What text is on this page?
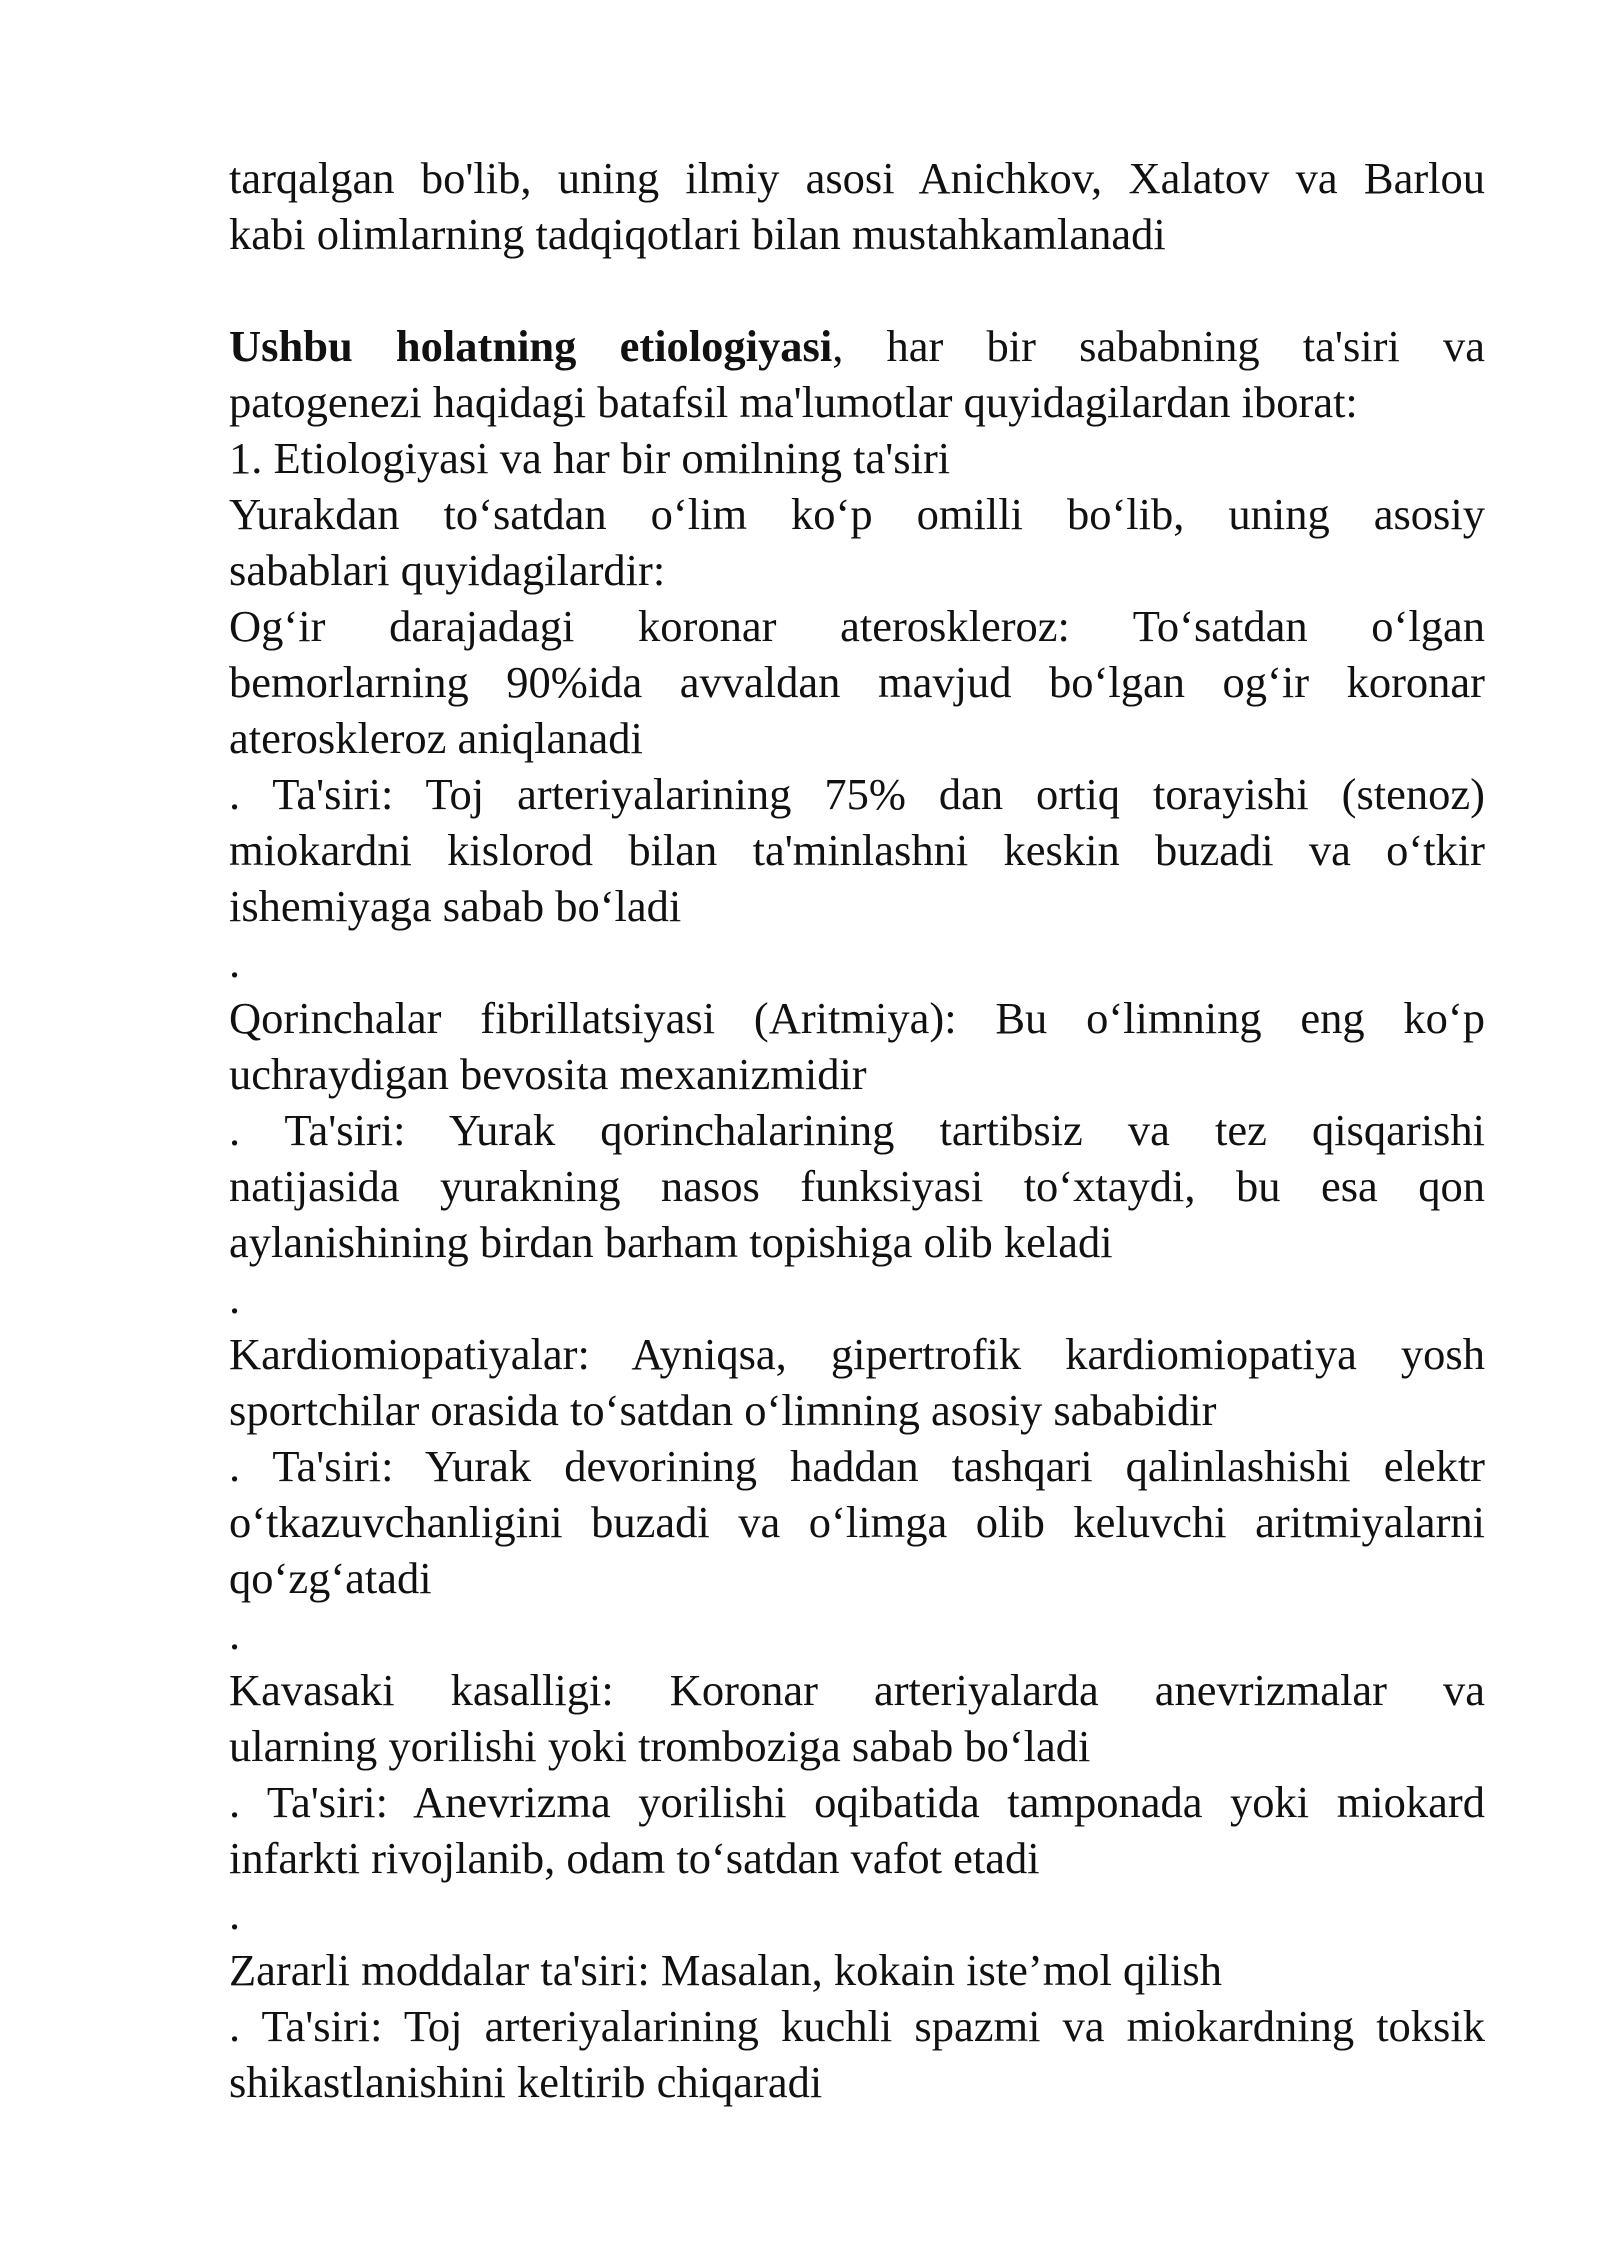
tarqalgan bo'lib, uning ilmiy asosi Anichkov, Xalatov va Barlou
kabi olimlarning tadqiqotlari bilan mustahkamlanadi
Ushbu holatning etiologiyasi, har bir sababning ta'siri va
patogenezi haqidagi batafsil ma'lumotlar quyidagilardan iborat:
1. Etiologiyasi va har bir omilning ta'siri
Yurakdan to‘satdan o‘lim ko‘p omilli bo‘lib, uning asosiy
sabablari quyidagilardir:
Og‘ir darajadagi koronar ateroskleroz: To‘satdan o‘lgan
bemorlarning 90%ida avvaldan mavjud bo‘lgan og‘ir koronar
ateroskleroz aniqlanadi
. Ta'siri: Toj arteriyalarining 75% dan ortiq torayishi (stenoz)
miokardni kislorod bilan ta'minlashni keskin buzadi va o‘tkir
ishemiyaga sabab bo‘ladi
.
Qorinchalar fibrillatsiyasi (Aritmiya): Bu o‘limning eng ko‘p
uchraydigan bevosita mexanizmidir
. Ta'siri: Yurak qorinchalarining tartibsiz va tez qisqarishi
natijasida yurakning nasos funksiyasi to‘xtaydi, bu esa qon
aylanishining birdan barham topishiga olib keladi
.
Kardiomiopatiyalar: Ayniqsa, gipertrofik kardiomiopatiya yosh
sportchilar orasida to‘satdan o‘limning asosiy sababidir
. Ta'siri: Yurak devorining haddan tashqari qalinlashishi elektr
o‘tkazuvchanligini buzadi va o‘limga olib keluvchi aritmiyalarni
qo‘zg‘atadi
.
Kavasaki kasalligi: Koronar arteriyalarda anevrizmalar va
ularning yorilishi yoki tromboziga sabab bo‘ladi
. Ta'siri: Anevrizma yorilishi oqibatida tamponada yoki miokard
infarkti rivojlanib, odam to‘satdan vafot etadi
.
Zararli moddalar ta'siri: Masalan, kokain iste’mol qilish
. Ta'siri: Toj arteriyalarining kuchli spazmi va miokardning toksik
shikastlanishini keltirib chiqaradi
